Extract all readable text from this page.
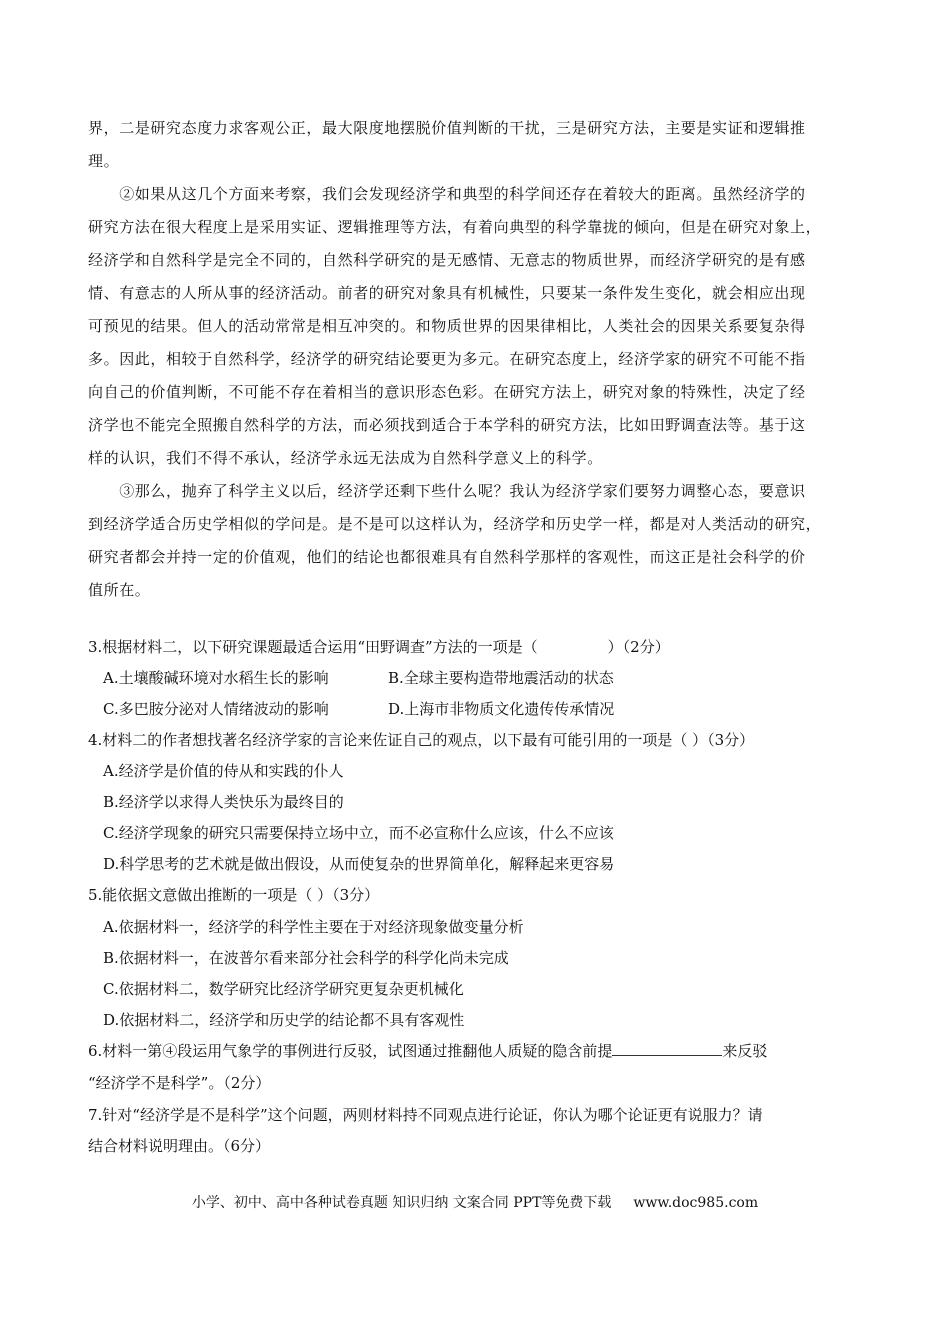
界，二是研究态度力求客观公正，最大限度地摆脱价值判断的干扰，三是研究方法，主要是实证和逻辑推
理。
　　②如果从这几个方面来考察，我们会发现经济学和典型的科学间还存在着较大的距离。虽然经济学的
研究方法在很大程度上是采用实证、逻辑推理等方法，有着向典型的科学靠拢的倾向，但是在研究对象上，
经济学和自然科学是完全不同的，自然科学研究的是无感情、无意志的物质世界，而经济学研究的是有感
情、有意志的人所从事的经济活动。前者的研究对象具有机械性，只要某一条件发生变化，就会相应出现
可预见的结果。但人的活动常常是相互冲突的。和物质世界的因果律相比，人类社会的因果关系要复杂得
多。因此，相较于自然科学，经济学的研究结论要更为多元。在研究态度上，经济学家的研究不可能不指
向自己的价值判断，不可能不存在着相当的意识形态色彩。在研究方法上，研究对象的特殊性，决定了经
济学也不能完全照搬自然科学的方法，而必须找到适合于本学科的研究方法，比如田野调查法等。基于这
样的认识，我们不得不承认，经济学永远无法成为自然科学意义上的科学。
　　③那么，抛弃了科学主义以后，经济学还剩下些什么呢？我认为经济学家们要努力调整心态，要意识
到经济学适合历史学相似的学问是。是不是可以这样认为，经济学和历史学一样，都是对人类活动的研究，
研究者都会并持一定的价值观，他们的结论也都很难具有自然科学那样的客观性，而这正是社会科学的价
值所在。
3.根据材料二，以下研究课题最适合运用“田野调查”方法的一项是（	）（2分）
A.土壤酸碱环境对水稻生长的影响	B.全球主要构造带地震活动的状态
C.多巴胺分泌对人情绪波动的影响	D.上海市非物质文化遗传传承情况
4.材料二的作者想找著名经济学家的言论来佐证自己的观点，以下最有可能引用的一项是（ ）（3分）
A.经济学是价值的侍从和实践的仆人
B.经济学以求得人类快乐为最终目的
C.经济学现象的研究只需要保持立场中立，而不必宣称什么应该，什么不应该
D.科学思考的艺术就是做出假设，从而使复杂的世界简单化，解释起来更容易
5.能依据文意做出推断的一项是（ ）（3分）
A.依据材料一，经济学的科学性主要在于对经济现象做变量分析
B.依据材料一，在波普尔看来部分社会科学的科学化尚未完成
C.依据材料二，数学研究比经济学研究更复杂更机械化
D.依据材料二，经济学和历史学的结论都不具有客观性
6.材料一第④段运用气象学的事例进行反驳，试图通过推翻他人质疑的隐含前提	来反驳
“经济学不是科学”。（2分）
7.针对“经济学是不是科学”这个问题，两则材料持不同观点进行论证，你认为哪个论证更有说服力？请
结合材料说明理由。（6分）
小学、初中、高中各种试卷真题 知识归纳 文案合同 PPT等免费下载 www.doc985.com
